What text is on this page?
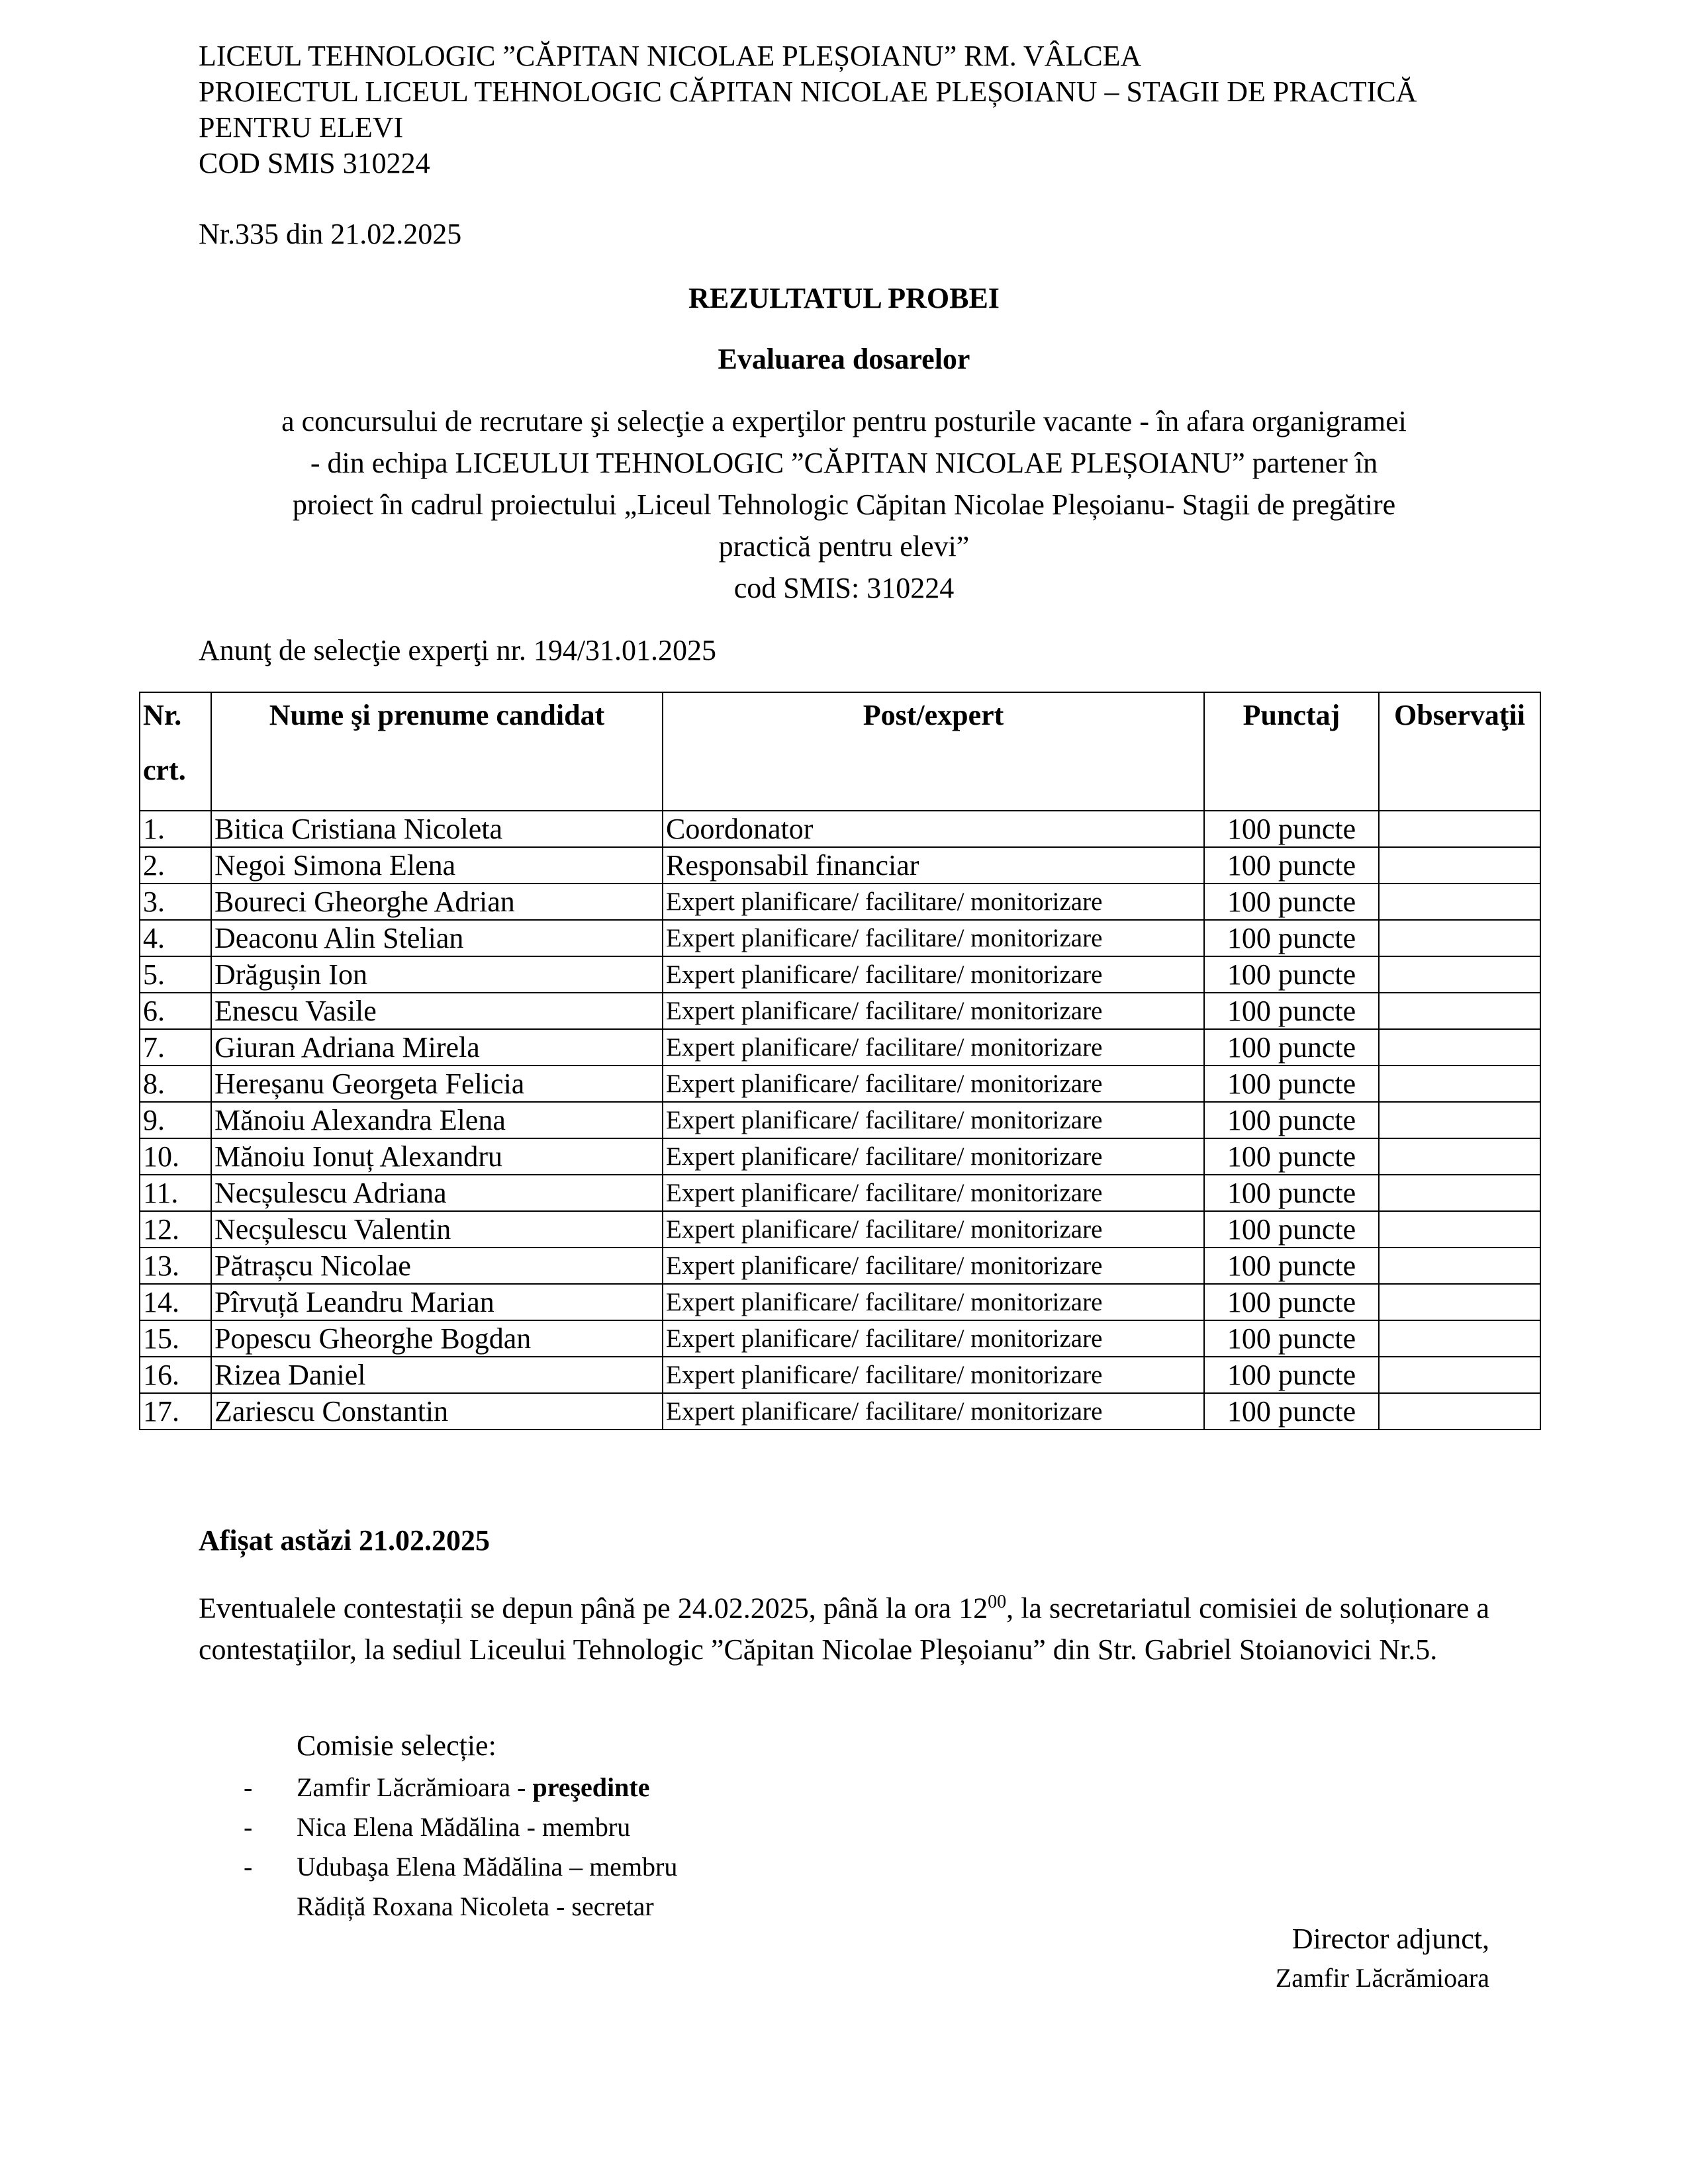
LICEUL TEHNOLOGIC ”CĂPITAN NICOLAE PLEȘOIANU” RM. VÂLCEA
PROIECTUL LICEUL TEHNOLOGIC CĂPITAN NICOLAE PLEȘOIANU – STAGII DE PRACTICĂ
PENTRU ELEVI
COD SMIS 310224
Nr.335 din 21.02.2025
REZULTATUL PROBEI
Evaluarea dosarelor
a concursului de recrutare şi selecţie a experţilor pentru posturile vacante - în afara organigramei
- din echipa LICEULUI TEHNOLOGIC ”CĂPITAN NICOLAE PLEȘOIANU” partener în
proiect în cadrul proiectului „Liceul Tehnologic Căpitan Nicolae Pleșoianu- Stagii de pregătire
practică pentru elevi”
cod SMIS: 310224
Anunţ de selecţie experţi nr. 194/31.01.2025
Nr.
crt.	Nume şi prenume candidat	Post/expert	Punctaj	Observaţii
1.	Bitica Cristiana Nicoleta	Coordonator	100 puncte	
2.	Negoi Simona Elena	Responsabil financiar	100 puncte	
3.	Boureci Gheorghe Adrian	Expert planificare/ facilitare/ monitorizare	100 puncte	
4.	Deaconu Alin Stelian	Expert planificare/ facilitare/ monitorizare	100 puncte	
5.	Drăgușin Ion	Expert planificare/ facilitare/ monitorizare	100 puncte	
6.	Enescu Vasile	Expert planificare/ facilitare/ monitorizare	100 puncte	
7.	Giuran Adriana Mirela	Expert planificare/ facilitare/ monitorizare	100 puncte	
8.	Hereșanu Georgeta Felicia	Expert planificare/ facilitare/ monitorizare	100 puncte	
9.	Mănoiu Alexandra Elena	Expert planificare/ facilitare/ monitorizare	100 puncte	
10.	Mănoiu Ionuț Alexandru	Expert planificare/ facilitare/ monitorizare	100 puncte	
11.	Necșulescu Adriana	Expert planificare/ facilitare/ monitorizare	100 puncte	
12.	Necșulescu Valentin	Expert planificare/ facilitare/ monitorizare	100 puncte	
13.	Pătrașcu Nicolae	Expert planificare/ facilitare/ monitorizare	100 puncte	
14.	Pîrvuță Leandru Marian	Expert planificare/ facilitare/ monitorizare	100 puncte	
15.	Popescu Gheorghe Bogdan	Expert planificare/ facilitare/ monitorizare	100 puncte	
16.	Rizea Daniel	Expert planificare/ facilitare/ monitorizare	100 puncte	
17.	Zariescu Constantin	Expert planificare/ facilitare/ monitorizare	100 puncte	
Afișat astăzi 21.02.2025
Eventualele contestații se depun până pe 24.02.2025, până la ora $12^{00}$, la secretariatul comisiei de soluționare a contestaţiilor, la sediul Liceului Tehnologic ”Căpitan Nicolae Pleșoianu” din Str. Gabriel Stoianovici Nr.5.
Comisie selecție:
- Zamfir Lăcrămioara - preşedinte
- Nica Elena Mădălina - membru
- Udubaşa Elena Mădălina – membru
Rădiță Roxana Nicoleta - secretar
Director adjunct,
Zamfir Lăcrămioara
